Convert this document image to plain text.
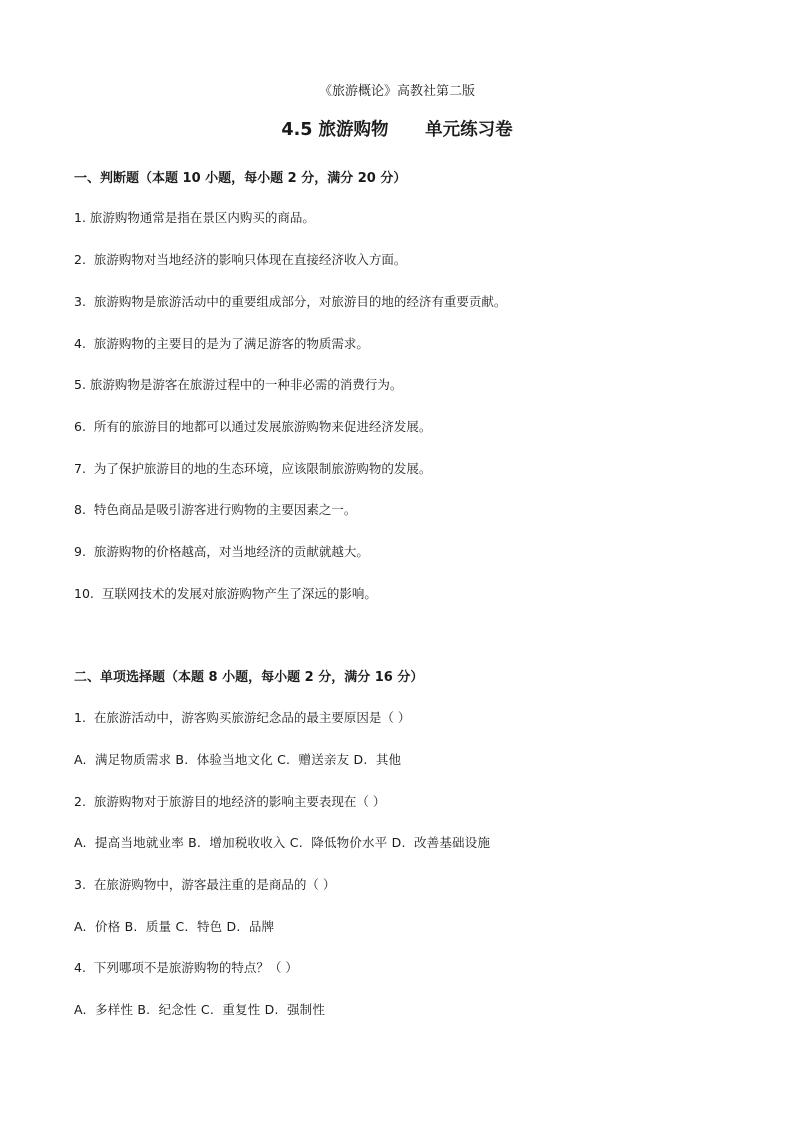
《旅游概论》高教社第二版
4.5 旅游购物      单元练习卷
一、判断题（本题 10 小题，每小题 2 分，满分 20 分）
1. 旅游购物通常是指在景区内购买的商品。
2.  旅游购物对当地经济的影响只体现在直接经济收入方面。
3.  旅游购物是旅游活动中的重要组成部分，对旅游目的地的经济有重要贡献。
4.  旅游购物的主要目的是为了满足游客的物质需求。
5. 旅游购物是游客在旅游过程中的一种非必需的消费行为。
6.  所有的旅游目的地都可以通过发展旅游购物来促进经济发展。
7.  为了保护旅游目的地的生态环境，应该限制旅游购物的发展。
8.  特色商品是吸引游客进行购物的主要因素之一。
9.  旅游购物的价格越高，对当地经济的贡献就越大。
10.  互联网技术的发展对旅游购物产生了深远的影响。
二、单项选择题（本题 8 小题，每小题 2 分，满分 16 分）
1.  在旅游活动中，游客购买旅游纪念品的最主要原因是（ ）
A.  满足物质需求 B.  体验当地文化 C.  赠送亲友 D.  其他
2.  旅游购物对于旅游目的地经济的影响主要表现在（ ）
A.  提高当地就业率 B.  增加税收收入 C.  降低物价水平 D.  改善基础设施
3.  在旅游购物中，游客最注重的是商品的（ ）
A.  价格 B.  质量 C.  特色 D.  品牌
4.  下列哪项不是旅游购物的特点？（ ）
A.  多样性 B.  纪念性 C.  重复性 D.  强制性
